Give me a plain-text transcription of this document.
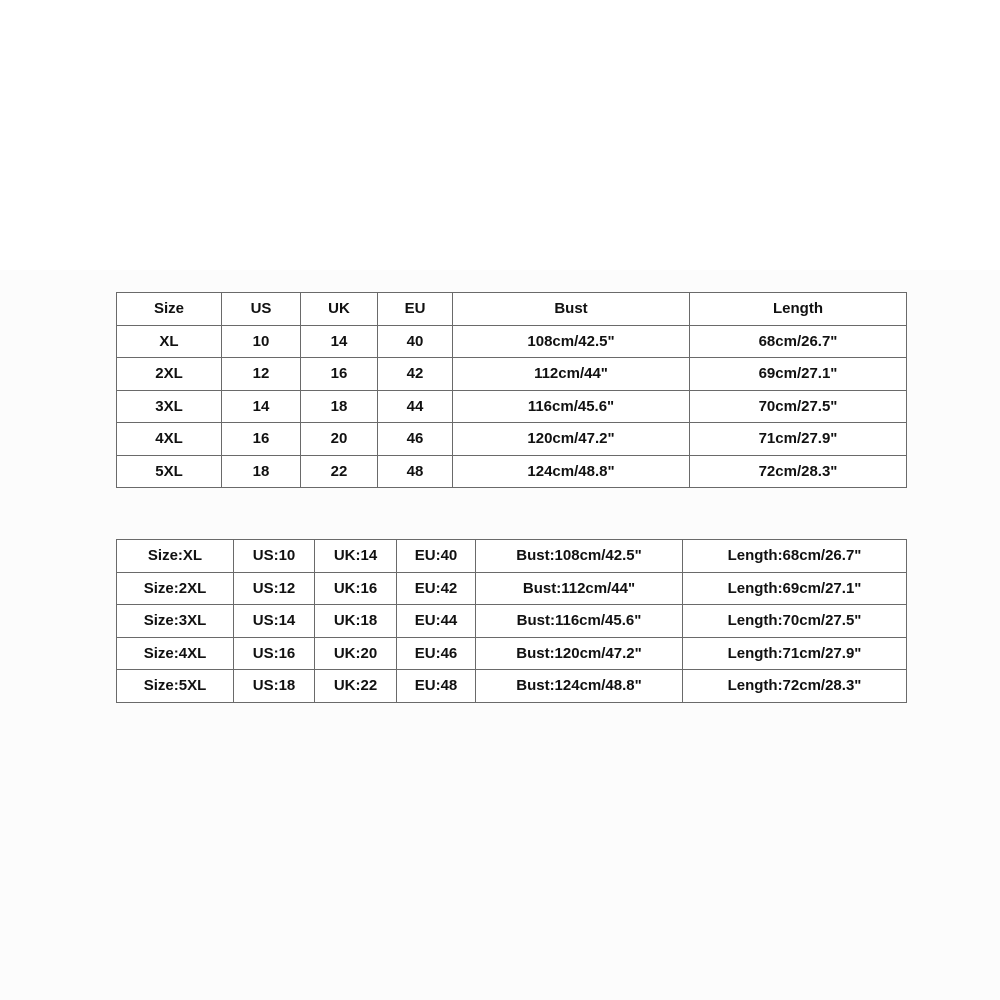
Size	US	UK	EU	Bust	Length
XL	10	14	40	108cm/42.5"	68cm/26.7"
2XL	12	16	42	112cm/44"	69cm/27.1"
3XL	14	18	44	116cm/45.6"	70cm/27.5"
4XL	16	20	46	120cm/47.2"	71cm/27.9"
5XL	18	22	48	124cm/48.8"	72cm/28.3"
Size:XL	US:10	UK:14	EU:40	Bust:108cm/42.5"	Length:68cm/26.7"
Size:2XL	US:12	UK:16	EU:42	Bust:112cm/44"	Length:69cm/27.1"
Size:3XL	US:14	UK:18	EU:44	Bust:116cm/45.6"	Length:70cm/27.5"
Size:4XL	US:16	UK:20	EU:46	Bust:120cm/47.2"	Length:71cm/27.9"
Size:5XL	US:18	UK:22	EU:48	Bust:124cm/48.8"	Length:72cm/28.3"
